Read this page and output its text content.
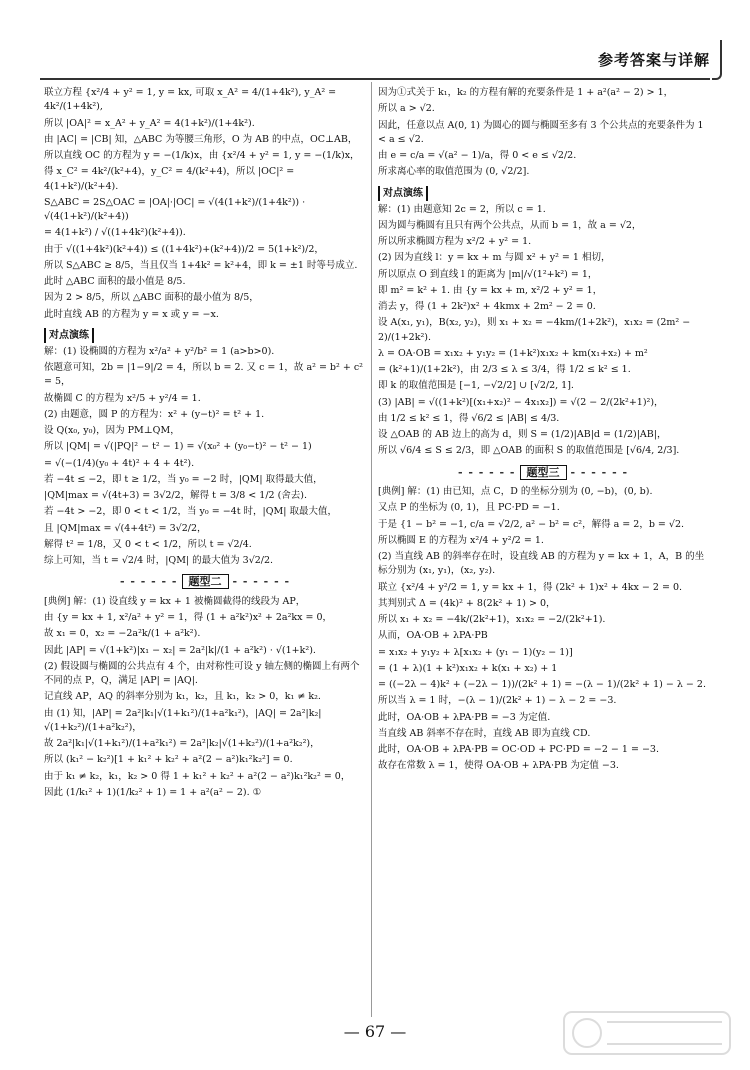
参考答案与详解

联立方程 {x²/4 + y² = 1, y = kx, 可取 x_A² = 4/(1+4k²), y_A² = 4k²/(1+4k²),

所以 |OA|² = x_A² + y_A² = 4(1+k²)/(1+4k²).

由 |AC| = |CB| 知，△ABC 为等腰三角形，O 为 AB 的中点，OC⊥AB，

所以直线 OC 的方程为 y = −(1/k)x，由 {x²/4 + y² = 1, y = −(1/k)x，

得 x_C² = 4k²/(k²+4)，y_C² = 4/(k²+4)，所以 |OC|² = 4(1+k²)/(k²+4).

S△ABC = 2S△OAC = |OA|·|OC| = √(4(1+k²)/(1+4k²)) · √(4(1+k²)/(k²+4))

= 4(1+k²) / √((1+4k²)(k²+4)).

由于 √((1+4k²)(k²+4)) ≤ ((1+4k²)+(k²+4))/2 = 5(1+k²)/2，

所以 S△ABC ≥ 8/5，当且仅当 1+4k² = k²+4，即 k = ±1 时等号成立.

此时 △ABC 面积的最小值是 8/5.

因为 2 > 8/5，所以 △ABC 面积的最小值为 8/5，

此时直线 AB 的方程为 y = x 或 y = −x.

对点演练

解：(1) 设椭圆的方程为 x²/a² + y²/b² = 1 (a>b>0).

依题意可知，2b = |1−9|/2 = 4，所以 b = 2. 又 c = 1，故 a² = b² + c² = 5，

故椭圆 C 的方程为 x²/5 + y²/4 = 1.

(2) 由题意，圆 P 的方程为：x² + (y−t)² = t² + 1.

设 Q(x₀, y₀)，因为 PM⊥QM，

所以 |QM| = √(|PQ|² − t² − 1) = √(x₀² + (y₀−t)² − t² − 1)

= √(−(1/4)(y₀ + 4t)² + 4 + 4t²).

若 −4t ≤ −2，即 t ≥ 1/2，当 y₀ = −2 时，|QM| 取得最大值，

|QM|max = √(4t+3) = 3√2/2，解得 t = 3/8 < 1/2 (舍去).

若 −4t > −2，即 0 < t < 1/2，当 y₀ = −4t 时，|QM| 取最大值，

且 |QM|max = √(4+4t²) = 3√2/2，

解得 t² = 1/8，又 0 < t < 1/2，所以 t = √2/4.

综上可知，当 t = √2/4 时，|QM| 的最大值为 3√2/2.

- - - - - - 题型二 - - - - - -

[典例] 解：(1) 设直线 y = kx + 1 被椭圆截得的线段为 AP，

由 {y = kx + 1, x²/a² + y² = 1，得 (1 + a²k²)x² + 2a²kx = 0，

故 x₁ = 0，x₂ = −2a²k/(1 + a²k²).

因此 |AP| = √(1+k²)|x₁ − x₂| = 2a²|k|/(1 + a²k²) · √(1+k²).

(2) 假设圆与椭圆的公共点有 4 个，由对称性可设 y 轴左侧的椭圆上有两个不同的点 P，Q，满足 |AP| = |AQ|.

记直线 AP，AQ 的斜率分别为 k₁，k₂，且 k₁，k₂ > 0，k₁ ≠ k₂.

由 (1) 知，|AP| = 2a²|k₁|√(1+k₁²)/(1+a²k₁²)，|AQ| = 2a²|k₂|√(1+k₂²)/(1+a²k₂²)，

故 2a²|k₁|√(1+k₁²)/(1+a²k₁²) = 2a²|k₂|√(1+k₂²)/(1+a²k₂²)，

所以 (k₁² − k₂²)[1 + k₁² + k₂² + a²(2 − a²)k₁²k₂²] = 0.

由于 k₁ ≠ k₂，k₁，k₂ > 0 得 1 + k₁² + k₂² + a²(2 − a²)k₁²k₂² = 0，

因此 (1/k₁² + 1)(1/k₂² + 1) = 1 + a²(a² − 2). ①

因为①式关于 k₁，k₂ 的方程有解的充要条件是 1 + a²(a² − 2) > 1，

所以 a > √2.

因此，任意以点 A(0, 1) 为圆心的圆与椭圆至多有 3 个公共点的充要条件为 1 < a ≤ √2.

由 e = c/a = √(a² − 1)/a，得 0 < e ≤ √2/2.

所求离心率的取值范围为 (0, √2/2].

对点演练

解：(1) 由题意知 2c = 2，所以 c = 1.

因为圆与椭圆有且只有两个公共点，从而 b = 1，故 a = √2，

所以所求椭圆方程为 x²/2 + y² = 1.

(2) 因为直线 l：y = kx + m 与圆 x² + y² = 1 相切，

所以原点 O 到直线 l 的距离为 |m|/√(1²+k²) = 1，

即 m² = k² + 1. 由 {y = kx + m, x²/2 + y² = 1，

消去 y，得 (1 + 2k²)x² + 4kmx + 2m² − 2 = 0.

设 A(x₁, y₁)，B(x₂, y₂)，则 x₁ + x₂ = −4km/(1+2k²)，x₁x₂ = (2m² − 2)/(1+2k²).

λ = OA·OB = x₁x₂ + y₁y₂ = (1+k²)x₁x₂ + km(x₁+x₂) + m²

= (k²+1)/(1+2k²)，由 2/3 ≤ λ ≤ 3/4，得 1/2 ≤ k² ≤ 1.

即 k 的取值范围是 [−1, −√2/2] ∪ [√2/2, 1].

(3) |AB| = √((1+k²)[(x₁+x₂)² − 4x₁x₂]) = √(2 − 2/(2k²+1)²)，

由 1/2 ≤ k² ≤ 1，得 √6/2 ≤ |AB| ≤ 4/3.

设 △OAB 的 AB 边上的高为 d，则 S = (1/2)|AB|d = (1/2)|AB|，

所以 √6/4 ≤ S ≤ 2/3，即 △OAB 的面积 S 的取值范围是 [√6/4, 2/3].

- - - - - - 题型三 - - - - - -

[典例] 解：(1) 由已知，点 C，D 的坐标分别为 (0, −b)，(0, b).

又点 P 的坐标为 (0, 1)，且 PC·PD = −1.

于是 {1 − b² = −1, c/a = √2/2, a² − b² = c²，解得 a = 2，b = √2.

所以椭圆 E 的方程为 x²/4 + y²/2 = 1.

(2) 当直线 AB 的斜率存在时，设直线 AB 的方程为 y = kx + 1，A，B 的坐标分别为 (x₁, y₁)，(x₂, y₂).

联立 {x²/4 + y²/2 = 1, y = kx + 1，得 (2k² + 1)x² + 4kx − 2 = 0.

其判别式 Δ = (4k)² + 8(2k² + 1) > 0，

所以 x₁ + x₂ = −4k/(2k²+1)，x₁x₂ = −2/(2k²+1).

从而，OA·OB + λPA·PB

= x₁x₂ + y₁y₂ + λ[x₁x₂ + (y₁ − 1)(y₂ − 1)]

= (1 + λ)(1 + k²)x₁x₂ + k(x₁ + x₂) + 1

= ((−2λ − 4)k² + (−2λ − 1))/(2k² + 1) = −(λ − 1)/(2k² + 1) − λ − 2.

所以当 λ = 1 时，−(λ − 1)/(2k² + 1) − λ − 2 = −3.

此时，OA·OB + λPA·PB = −3 为定值.

当直线 AB 斜率不存在时，直线 AB 即为直线 CD.

此时，OA·OB + λPA·PB = OC·OD + PC·PD = −2 − 1 = −3.

故存在常数 λ = 1，使得 OA·OB + λPA·PB 为定值 −3.

— 67 —
